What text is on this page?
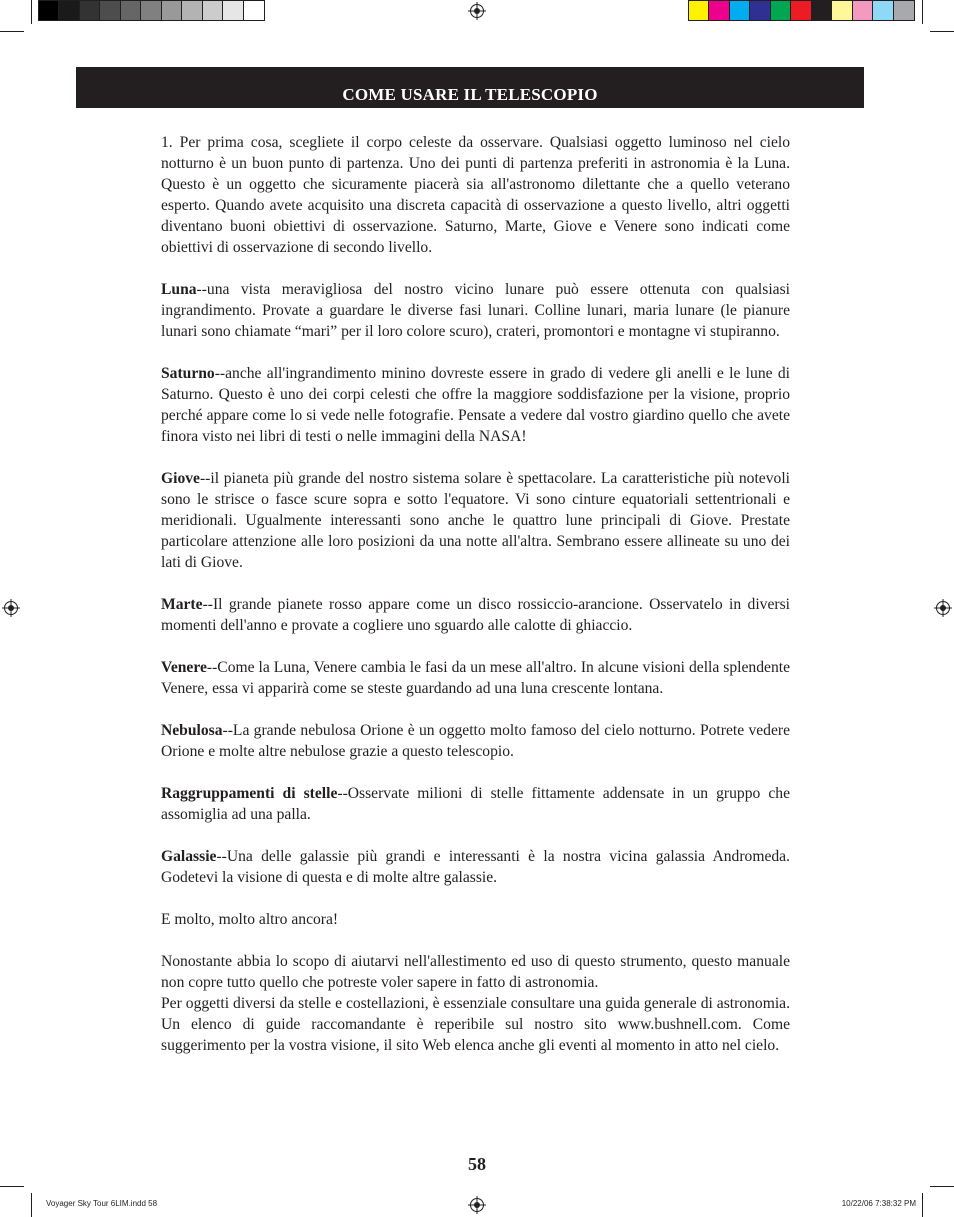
COME USARE IL TELESCOPIO

1. Per prima cosa, scegliete il corpo celeste da osservare. Qualsiasi oggetto luminoso nel cielo notturno è un buon punto di partenza. Uno dei punti di partenza preferiti in astronomia è la Luna. Questo è un oggetto che sicuramente piacerà sia all'astronomo dilettante che a quello veterano esperto. Quando avete acquisito una discreta capacità di osservazione a questo livello, altri oggetti diventano buoni obiettivi di osservazione. Saturno, Marte, Giove e Venere sono indicati come obiettivi di osservazione di secondo livello.

Luna--una vista meravigliosa del nostro vicino lunare può essere ottenuta con qualsiasi ingrandimento. Provate a guardare le diverse fasi lunari. Colline lunari, maria lunare (le pianure lunari sono chiamate “mari” per il loro colore scuro), crateri, promontori e montagne vi stupiranno.

Saturno--anche all'ingrandimento minino dovreste essere in grado di vedere gli anelli e le lune di Saturno. Questo è uno dei corpi celesti che offre la maggiore soddisfazione per la visione, proprio perché appare come lo si vede nelle fotografie. Pensate a vedere dal vostro giardino quello che avete finora visto nei libri di testi o nelle immagini della NASA!

Giove--il pianeta più grande del nostro sistema solare è spettacolare. La caratteristiche più notevoli sono le strisce o fasce scure sopra e sotto l'equatore. Vi sono cinture equatoriali settentrionali e meridionali. Ugualmente interessanti sono anche le quattro lune principali di Giove. Prestate particolare attenzione alle loro posizioni da una notte all'altra. Sembrano essere allineate su uno dei lati di Giove.

Marte--Il grande pianete rosso appare come un disco rossiccio-arancione. Osservatelo in diversi momenti dell'anno e provate a cogliere uno sguardo alle calotte di ghiaccio.

Venere--Come la Luna, Venere cambia le fasi da un mese all'altro. In alcune visioni della splendente Venere, essa vi apparirà come se steste guardando ad una luna crescente lontana.

Nebulosa--La grande nebulosa Orione è un oggetto molto famoso del cielo notturno. Potrete vedere Orione e molte altre nebulose grazie a questo telescopio.

Raggruppamenti di stelle--Osservate milioni di stelle fittamente addensate in un gruppo che assomiglia ad una palla.

Galassie--Una delle galassie più grandi e interessanti è la nostra vicina galassia Andromeda. Godetevi la visione di questa e di molte altre galassie.

E molto, molto altro ancora!

Nonostante abbia lo scopo di aiutarvi nell'allestimento ed uso di questo strumento, questo manuale non copre tutto quello che potreste voler sapere in fatto di astronomia.

Per oggetti diversi da stelle e costellazioni, è essenziale consultare una guida generale di astronomia. Un elenco di guide raccomandante è reperibile sul nostro sito www.bushnell.com. Come suggerimento per la vostra visione, il sito Web elenca anche gli eventi al momento in atto nel cielo.

58
Voyager Sky Tour 6LIM.indd 58	10/22/06 7:38:32 PM
